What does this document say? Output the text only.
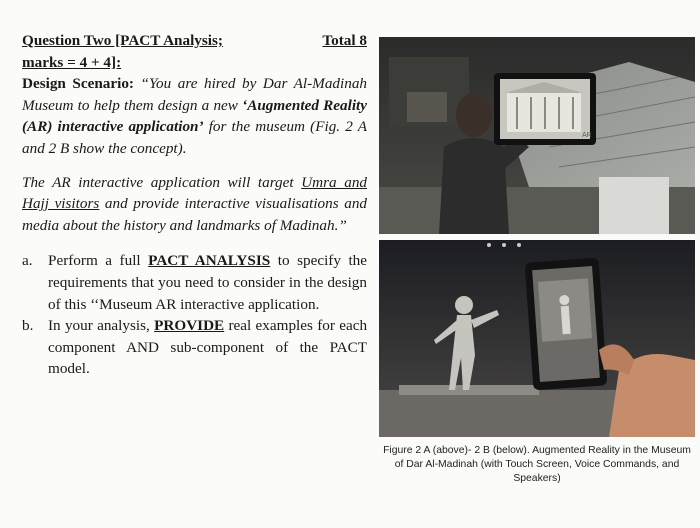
Question Two [PACT Analysis;	Total 8
marks = 4 + 4]:

Design Scenario: “You are hired by Dar Al-Madinah Museum to help them design a new ‘Augmented Reality (AR) interactive application’ for the museum (Fig. 2 A and 2 B show the concept).

The AR interactive application will target Umra and Hajj visitors and provide interactive visualisations and media about the history and landmarks of Madinah.”

a.	Perform a full PACT ANALYSIS to specify the requirements that you need to consider in the design of this ‘‘Museum AR interactive application.
b. In your analysis, PROVIDE real examples for each component AND sub-component of the PACT model.
AR
Figure 2 A (above)- 2 B (below). Augmented Reality in the Museum of Dar Al-Madinah (with Touch Screen, Voice Commands, and Speakers)
